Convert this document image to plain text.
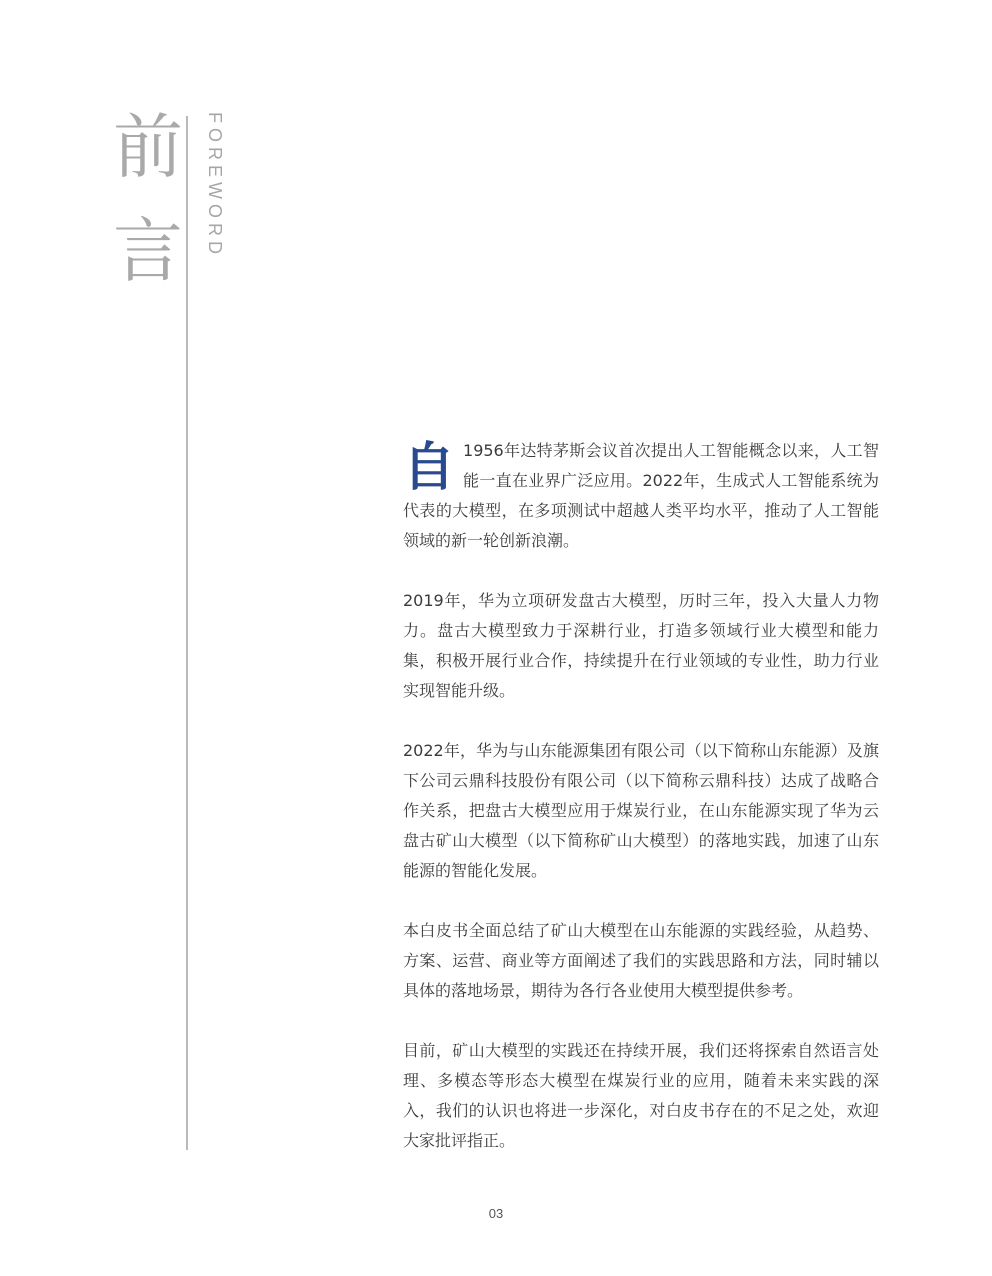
前
言 FOREWORD

自 1956年达特茅斯会议首次提出人工智能概念以来，人工智能一直在业界广泛应用。2022年，生成式人工智能系统为代表的大模型，在多项测试中超越人类平均水平，推动了人工智能领域的新一轮创新浪潮。

2019年，华为立项研发盘古大模型，历时三年，投入大量人力物力。盘古大模型致力于深耕行业，打造多领域行业大模型和能力集，积极开展行业合作，持续提升在行业领域的专业性，助力行业实现智能升级。

2022年，华为与山东能源集团有限公司（以下简称山东能源）及旗下公司云鼎科技股份有限公司（以下简称云鼎科技）达成了战略合作关系，把盘古大模型应用于煤炭行业，在山东能源实现了华为云盘古矿山大模型（以下简称矿山大模型）的落地实践，加速了山东能源的智能化发展。

本白皮书全面总结了矿山大模型在山东能源的实践经验，从趋势、方案、运营、商业等方面阐述了我们的实践思路和方法，同时辅以具体的落地场景，期待为各行各业使用大模型提供参考。

目前，矿山大模型的实践还在持续开展，我们还将探索自然语言处理、多模态等形态大模型在煤炭行业的应用，随着未来实践的深入，我们的认识也将进一步深化，对白皮书存在的不足之处，欢迎大家批评指正。

03
